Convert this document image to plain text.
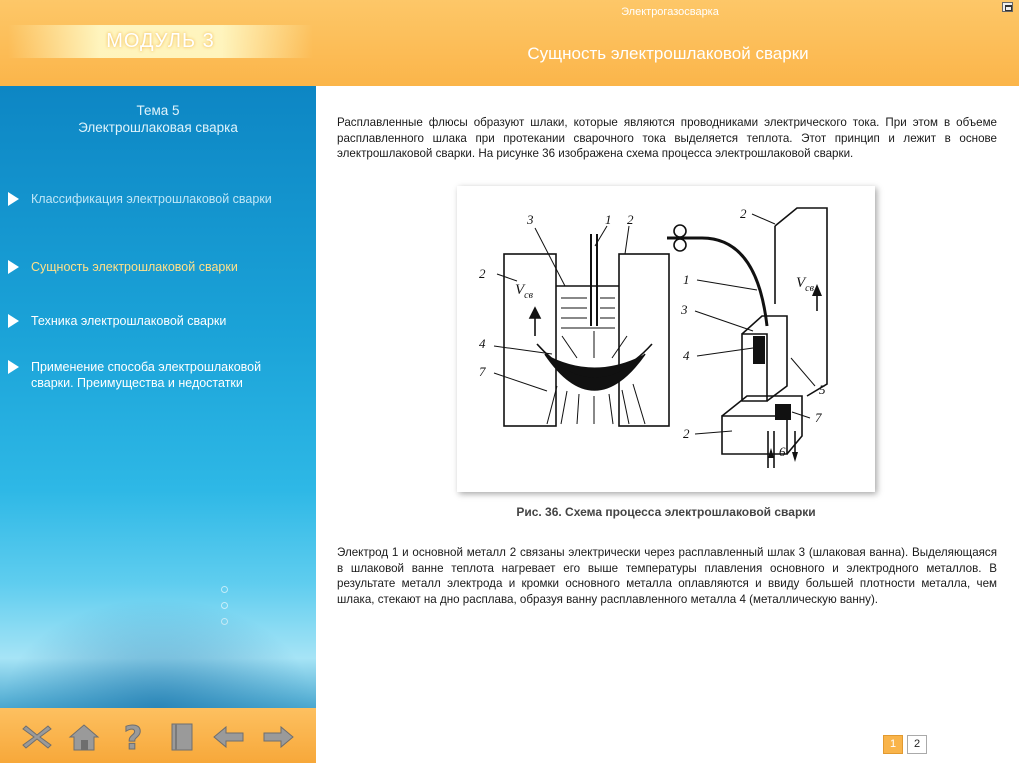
Электрогазосварка
МОДУЛЬ 3
Сущность электрошлаковой сварки
Тема 5
Электрошлаковая сварка
Классификация электрошлаковой сварки
Сущность электрошлаковой сварки
Техника электрошлаковой сварки
Применение способа электрошлаковой сварки. Преимущества и недостатки
?

Расплавленные флюсы образуют шлаки, которые являются проводниками электрического тока. При этом в объеме расплавленного шлака при протекании сварочного тока выделяется теплота. Этот принцип и лежит в основе электрошлаковой сварки. На рисунке 36 изображена схема процесса электрошлаковой сварки.

3	1 2
2
4
7
2
1
3
4
5
7
2
6
$V_{св}$
$V_{св}$
Рис. 36. Схема процесса электрошлаковой сварки

Электрод 1 и основной металл 2 связаны электрически через расплавленный шлак 3 (шлаковая ванна). Выделяющаяся в шлаковой ванне теплота нагревает его выше температуры плавления основного и электродного металлов. В результате металл электрода и кромки основного металла оплавляются и ввиду большей плотности металла, чем шлака, стекают на дно расплава, образуя ванну расплавленного металла 4 (металлическую ванну).

1	2
